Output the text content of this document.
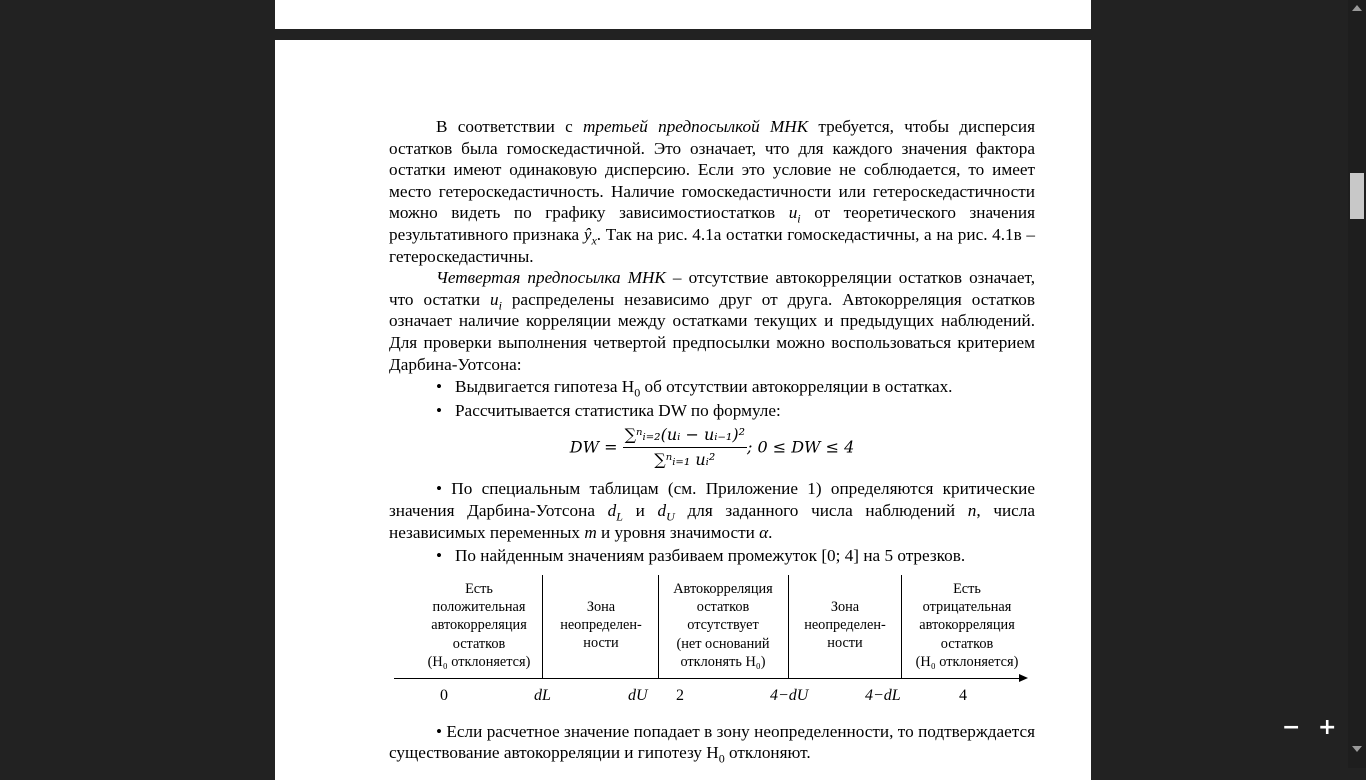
В соответствии с третьей предпосылкой МНК требуется, чтобы дисперсия остатков была гомоскедастичной. Это означает, что для каждого значения фактора остатки имеют одинаковую дисперсию. Если это условие не соблюдается, то имеет место гетероскедастичность. Наличие гомоскедастичности или гетероскедастичности можно видеть по графику зависимостиостатков $u_i$ от теоретического значения результативного признака $ŷ_x$. Так на рис. 4.1а остатки гомоскедастичны, а на рис. 4.1в – гетероскедастичны.

Четвертая предпосылка МНК – отсутствие автокорреляции остатков означает, что остатки $u_i$ распределены независимо друг от друга. Автокорреляция остатков означает наличие корреляции между остатками текущих и предыдущих наблюдений. Для проверки выполнения четвертой предпосылки можно воспользоваться критерием Дарбина-Уотсона:

• Выдвигается гипотеза $H_0$ об отсутствии автокорреляции в остатках.

• Рассчитывается статистика DW по формуле:

DW = $\frac{\text{∑ⁿᵢ₌₂(uᵢ − uᵢ₋₁)²}}{\text{∑ⁿᵢ₌₁ uᵢ²}}$ ; 0 ≤ DW ≤ 4

• По специальным таблицам (см. Приложение 1) определяются критические значения Дарбина-Уотсона $d_L$ и $d_U$ для заданного числа наблюдений n, числа независимых переменных m и уровня значимости α.

• По найденным значениям разбиваем промежуток [0; 4] на 5 отрезков.

Есть
положительная
автокорреляция
остатков
(H₀ отклоняется)
Зона
неопределен-
ности
Автокорреляция
остатков
отсутствует
(нет оснований
отклонять H₀)
Зона
неопределен-
ности
Есть
отрицательная
автокорреляция
остатков
(H₀ отклоняется)
0	dL	dU 2	4−dU	4−dL	4

• Если расчетное значение попадает в зону неопределенности, то подтверждается существование автокорреляции и гипотезу $H_0$ отклоняют.

− +
